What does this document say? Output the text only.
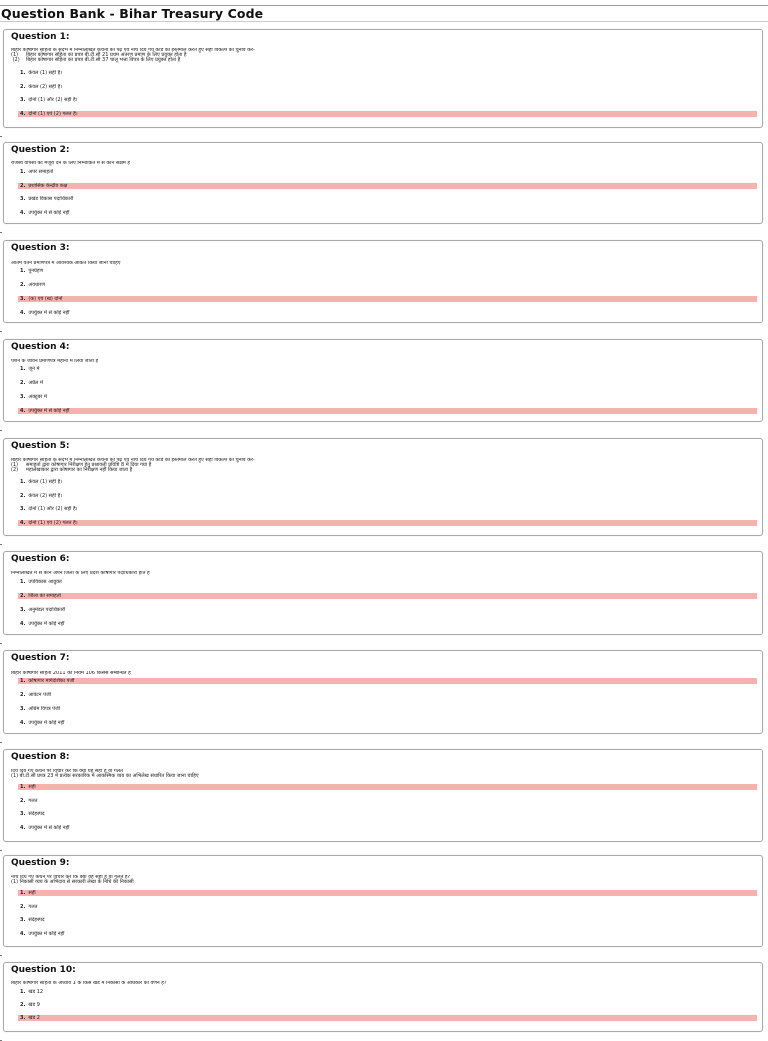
Question Bank - Bihar Treasury Code
Question 1:
बिहार कोषागार संहिता के संदर्भ में निम्नलिखित कथनों को पढ़ें एवं नीचे दिये गये कोड का इस्तेमाल करते हुए सही विकल्प का चुनाव करें-
(1)     बिहार कोषागार संहिता का प्रपत्र बी.टी.सी 21 प्रथम अंतरण प्रमाण के लिए प्रयुक्त होता है
(2)    बिहार कोषागार संहिता का प्रपत्र बी.टी.सी 37 चालू भत्ता विपत्र के लिए प्रयुक्त होता है
1. केवल (1) सही है।
2. केवल (2) सही है।
3. दोनों (1) और (2) सही है।
4. दोनों (1) एवं (2) गलत है।
Question 2:
राजस्व वापसी की मंजूरी देने के लिए निम्नांकित में से कौन सक्षम है
1. अपर समाहर्ता
2. प्रशासिक केन्द्रीय कक्ष
3. प्रखंड विकास पदाधिकारी
4. उपर्युक्त में से कोई नहीं
Question 3:
अंतिम वेतन प्रमाणपत्र में आवश्यक अंकित किया जाना चाहिए
1. पुनर्ग्रहण
2. अवधारण
3. (क) एवं (ख) दोनों
4. उपर्युक्त में से कोई नहीं
Question 4:
पेंशन के जीवन प्रमाणपत्र महीना में लिया जाता है
1. जून में
2. अप्रैल में
3. अक्टूबर में
4. उपर्युक्त में से कोई नहीं
Question 5:
बिहार कोषागार संहिता के संदर्भ में निम्नलिखित कथनों को पढ़ें एवं नीचे दिये गये कोड का इस्तेमाल करते हुए सही विकल्प का चुनाव करें-
(1)     समाहर्ता द्वारा कोषागार निरीक्षण हेतु प्रश्नावली प्रविष्टि 8 में दिया गया है
(2)     महालेखाकार द्वारा कोषागार का निरीक्षण नहीं किया जाता है
1. केवल (1) सही है।
2. केवल (2) सही है।
3. दोनों (1) और (2) सही है।
4. दोनों (1) एवं (2) गलत है।
Question 6:
निम्नलिखित में से कौन अपने जिला के लिए प्रदेश कोषागार पदाधिकारी होते है
1. उपविकास आयुक्त
2. जिला का समाहर्ता
3. अनुमंडल पदाधिकारी
4. उपर्युक्त में कोई नहीं
Question 7:
बिहार कोषागार संहिता 2011 का नियम 106 किससे सम्बन्धित है
1. कोषागार मार्गदर्शिका पंजी
2. आवंटन पंजी
3. अग्रिम विपत्र पंजी
4. उपर्युक्त में कोई नहीं
Question 8:
दिये दिये गए कथन पर विचार करें कि क्या यह सही है या गलत
(1) बी.टी.सी प्रपत्र 23 में प्रत्येक सरकारिक में आकस्मिक व्यय का अभिलेख संधारित किया जाना चाहिए
1. सही
2. गलत
3. संदेहस्पद
4. उपर्युक्त में से कोई नहीं
Question 9:
नीचे दिये गए कथन पर विचार करें कि क्या यह सही है या गलत है?
(1) निकासी व्यय के अभिदाय से सरकारी लेखा के निधि की निकासी
1. सही
2. गलत
3. संदेहस्पद
4. उपर्युक्त में कोई नहीं
Question 10:
बिहार कोषागार संहिता के अध्याय 1 के किस खंड में निकासी के अधिकार का वर्णन है?
1. खंड 12
2. खंड 9
3. खंड 2
